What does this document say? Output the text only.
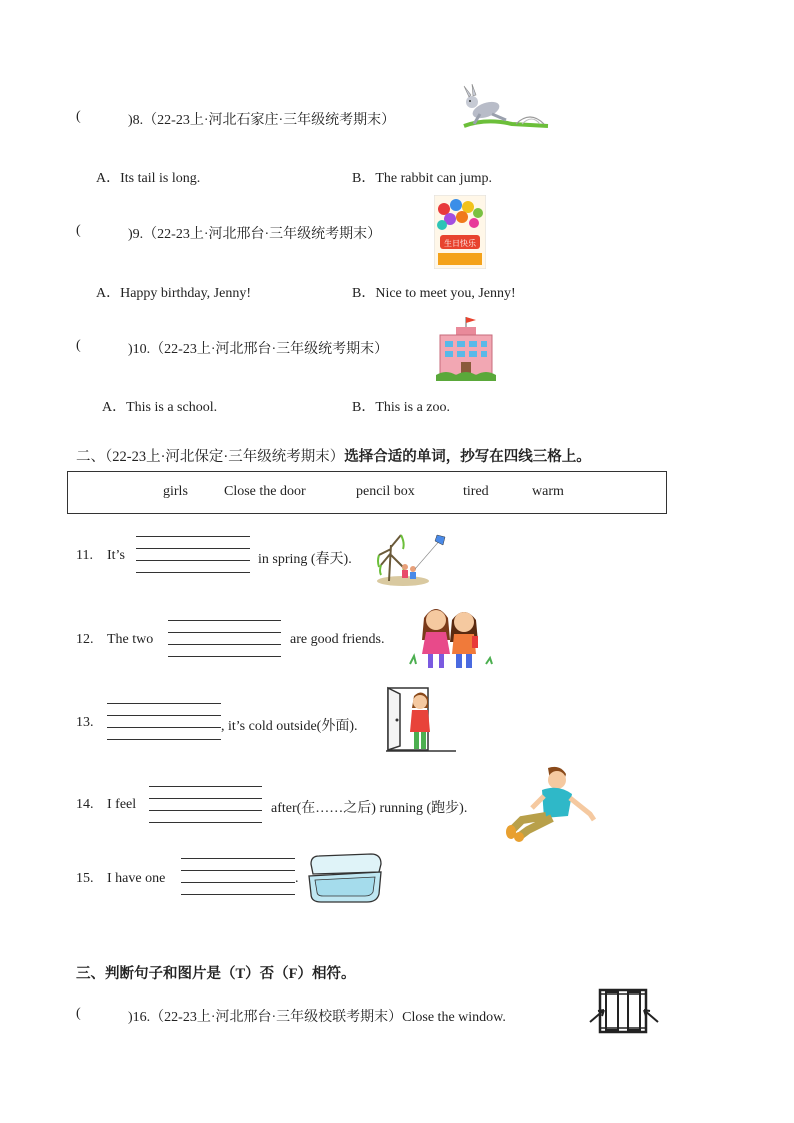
(	)8.（22-23上·河北石家庄·三年级统考期末）
A．Its tail is long.	B．The rabbit can jump.
(	)9.（22-23上·河北邢台·三年级统考期末）
生日快乐
A．Happy birthday, Jenny!	B．Nice to meet you, Jenny!
(	)10.（22-23上·河北邢台·三年级统考期末）
A．This is a school.	B．This is a zoo.
二、（22-23上·河北保定·三年级统考期末）选择合适的单词，抄写在四线三格上。
girls	Close the door	pencil box	tired	warm
11. It’s	in spring (春天).
12. The two	are good friends.
13.	, it’s cold outside(外面).
14. I feel	after(在……之后) running (跑步).
15. I have one	.
三、判断句子和图片是（T）否（F）相符。
(	)16.（22-23上·河北邢台·三年级校联考期末）Close the window.
